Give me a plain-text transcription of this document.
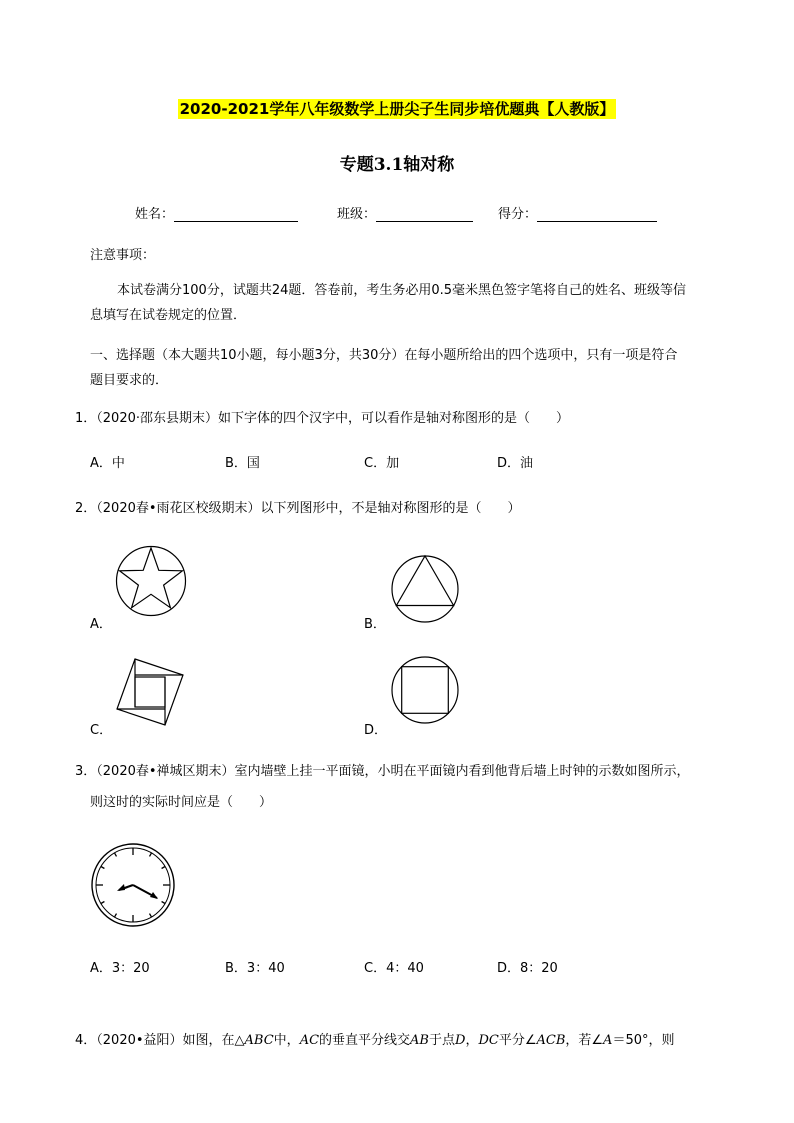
2020-2021学年八年级数学上册尖子生同步培优题典【人教版】
专题3.1轴对称
姓名：	班级：	得分：
注意事项：
本试卷满分100分，试题共24题．答卷前，考生务必用0.5毫米黑色签字笔将自己的姓名、班级等信
息填写在试卷规定的位置．
一、选择题（本大题共10小题，每小题3分，共30分）在每小题所给出的四个选项中，只有一项是符合
题目要求的．
1．（2020·邵东县期末）如下字体的四个汉字中，可以看作是轴对称图形的是（　　）
A．中	B．国	C．加	D．油
2．（2020春•雨花区校级期末）以下列图形中，不是轴对称图形的是（　　）
A．	B．
C．	D．
3．（2020春•禅城区期末）室内墙壁上挂一平面镜，小明在平面镜内看到他背后墙上时钟的示数如图所示，
则这时的实际时间应是（　　）
A．3：20	B．3：40	C．4：40	D．8：20
4．（2020•益阳）如图，在△ABC中，AC的垂直平分线交AB于点D，DC平分∠ACB，若∠A＝50°，则
